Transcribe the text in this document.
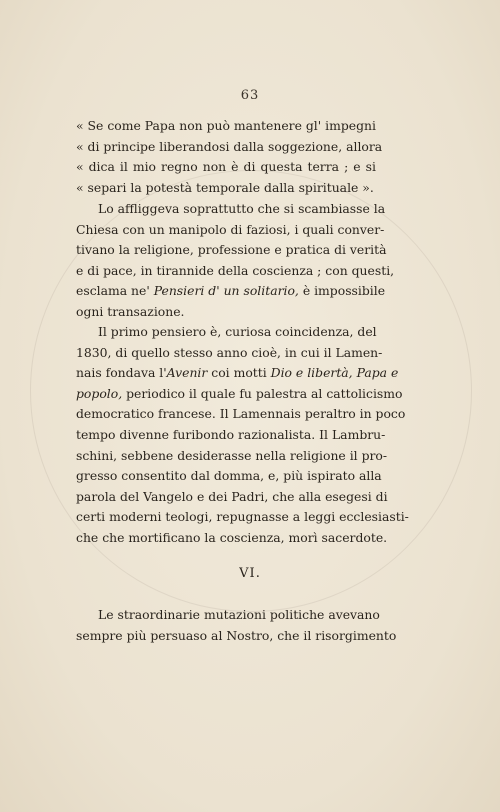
63
« Se come Papa non può mantenere gl' impegni
« di principe liberandosi dalla soggezione, allora
« dica il mio regno non è di questa terra ; e si
« separi la potestà temporale dalla spirituale ».
Lo affliggeva soprattutto che si scambiasse la
Chiesa con un manipolo di faziosi, i quali conver-
tivano la religione, professione e pratica di verità
e di pace, in tirannide della coscienza ; con questi,
esclama ne' Pensieri d' un solitario, è impossibile
ogni transazione.
Il primo pensiero è, curiosa coincidenza, del
1830, di quello stesso anno cioè, in cui il Lamen-
nais fondava l'Avenir coi motti Dio e libertà, Papa e
popolo, periodico il quale fu palestra al cattolicismo
democratico francese. Il Lamennais peraltro in poco
tempo divenne furibondo razionalista. Il Lambru-
schini, sebbene desiderasse nella religione il pro-
gresso consentito dal domma, e, più ispirato alla
parola del Vangelo e dei Padri, che alla esegesi di
certi moderni teologi, repugnasse a leggi ecclesiasti-
che che mortificano la coscienza, morì sacerdote.
VI.
Le straordinarie mutazioni politiche avevano
sempre più persuaso al Nostro, che il risorgimento
